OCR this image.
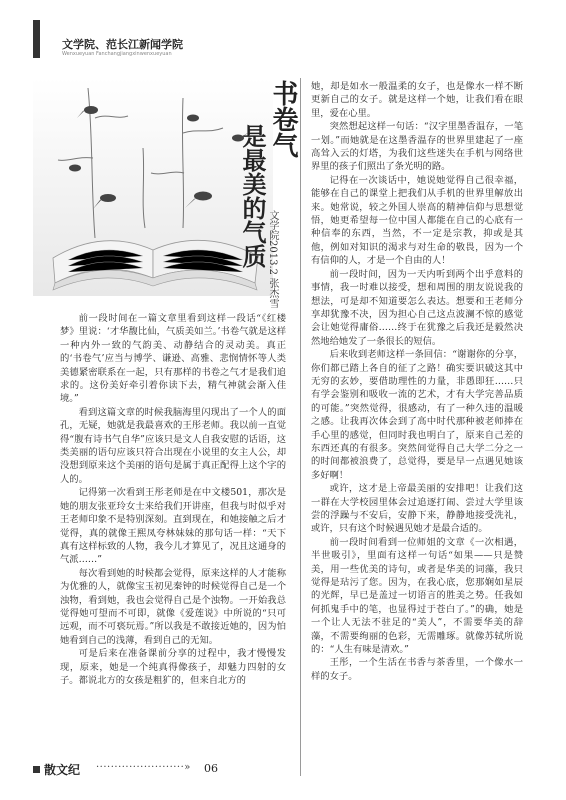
文学院、范长江新闻学院
Wenxueyuan Fanchangjiangxinwenxueyuan
书卷气
是最美的气质 文学院2013.2 张杰雪

前一段时间在一篇文章里看到这样一段话“《红楼梦》里说：‘才华馥比仙，气质美如兰。’书卷气就是这样一种内外一致的气韵美、动静结合的灵动美。真正的‘书卷气’应当与博学、谦逊、高雅、悲悯情怀等人类美德紧密联系在一起，只有那样的书卷之气才是我们追求的。这份美好牵引着你读下去，精气神就会渐入佳境。”

看到这篇文章的时候我脑海里闪现出了一个人的面孔，无疑，她就是我最喜欢的王彤老师。我以前一直觉得“腹有诗书气自华”应该只是文人自我安慰的话语，这类美丽的语句应该只符合出现在小说里的女主人公，却没想到原来这个美丽的语句是属于真正配得上这个字的人的。

记得第一次看到王彤老师是在中文楼501，那次是她的朋友张亚玲女士来给我们开讲座，但我与时似乎对王老师印象不是特别深刻。直到现在，和她接触之后才觉得，真的就像王熙凤夸林妹妹的那句话一样：“天下真有这样标致的人物，我今儿才算见了，况且这通身的气派……”

每次看到她的时候都会觉得，原来这样的人才能称为优雅的人，就像宝玉初见秦钟的时候觉得自己是一个浊物，看到她，我也会觉得自己是个浊物。一开始我总觉得她可望而不可即，就像《爱莲说》中所说的“只可远观，而不可亵玩焉。”所以我是不敢接近她的，因为怕她看到自己的浅薄，看到自己的无知。

可是后来在准备课前分享的过程中，我才慢慢发现，原来，她是一个纯真得像孩子，却魅力四射的女子。都说北方的女孩是粗犷的，但来自北方的

她，却是如水一般温柔的女子，也是像水一样不断更新自己的女子。就是这样一个她，让我们看在眼里，爱在心里。

突然想起这样一句话：“汉字里墨香温存，一笔一划。”而她就是在这墨香温存的世界里建起了一座高耸入云的灯塔，为我们这些迷失在手机与网络世界里的孩子们照出了条光明的路。

记得在一次谈话中，她说她觉得自己很幸福，能够在自己的课堂上把我们从手机的世界里解放出来。她常说，较之外国人崇高的精神信仰与思想觉悟，她更希望每一位中国人都能在自己的心底有一种信奉的东西，当然，不一定是宗教，抑或是其他，例如对知识的渴求与对生命的敬畏，因为一个有信仰的人，才是一个自由的人！

前一段时间，因为一天内听到两个出乎意料的事情，我一时难以接受，想和周围的朋友说说我的想法，可是却不知道要怎么表达。想要和王老师分享却犹豫不决，因为担心自己这点波澜不惊的感觉会让她觉得庸俗……终于在犹豫之后我还是毅然决然地给她发了一条很长的短信。

后来收到老师这样一条回信：“谢谢你的分享，你们都已踏上各自的征了之路！确实要识破这其中无穷的玄妙，要借助理性的力量，非愚即狂……只有学会鉴别和吸收一流的艺术，才有大学完善品质的可能。”突然觉得，很感动，有了一种久违的温暖之感。让我再次体会到了高中时代那种被老师捧在手心里的感觉，但同时我也明白了，原来自己差的东西还真的有很多。突然间觉得自己大学二分之一的时间都被浪费了，总觉得，要是早一点遇见她该多好啊！

或许，这才是上帝最美丽的安排吧！让我们这一群在大学校园里体会过追逐打闹、尝过大学里该尝的浮躁与不安后，安静下来，静静地接受洗礼，或许，只有这个时候遇见她才是最合适的。

前一段时间看到一位师姐的文章《一次相遇，半世吸引》，里面有这样一句话“如果——只是赞美，用一些优美的诗句，或者是华美的词藻，我只觉得是玷污了您。因为，在我心底，您那娴如星辰的光辉，早已是盖过一切语言的胜美之势。任我如何抓鬼手中的笔，也显得过于苍白了。”的确，她是一个让人无法不驻足的“美人”，不需要华美的辞藻，不需要绚丽的色彩，无需雕琢。就像苏轼所说的：“人生有味是清欢。”

王彤，一个生活在书香与茶香里，一个像水一样的女子。

散文纪 ························» 06
